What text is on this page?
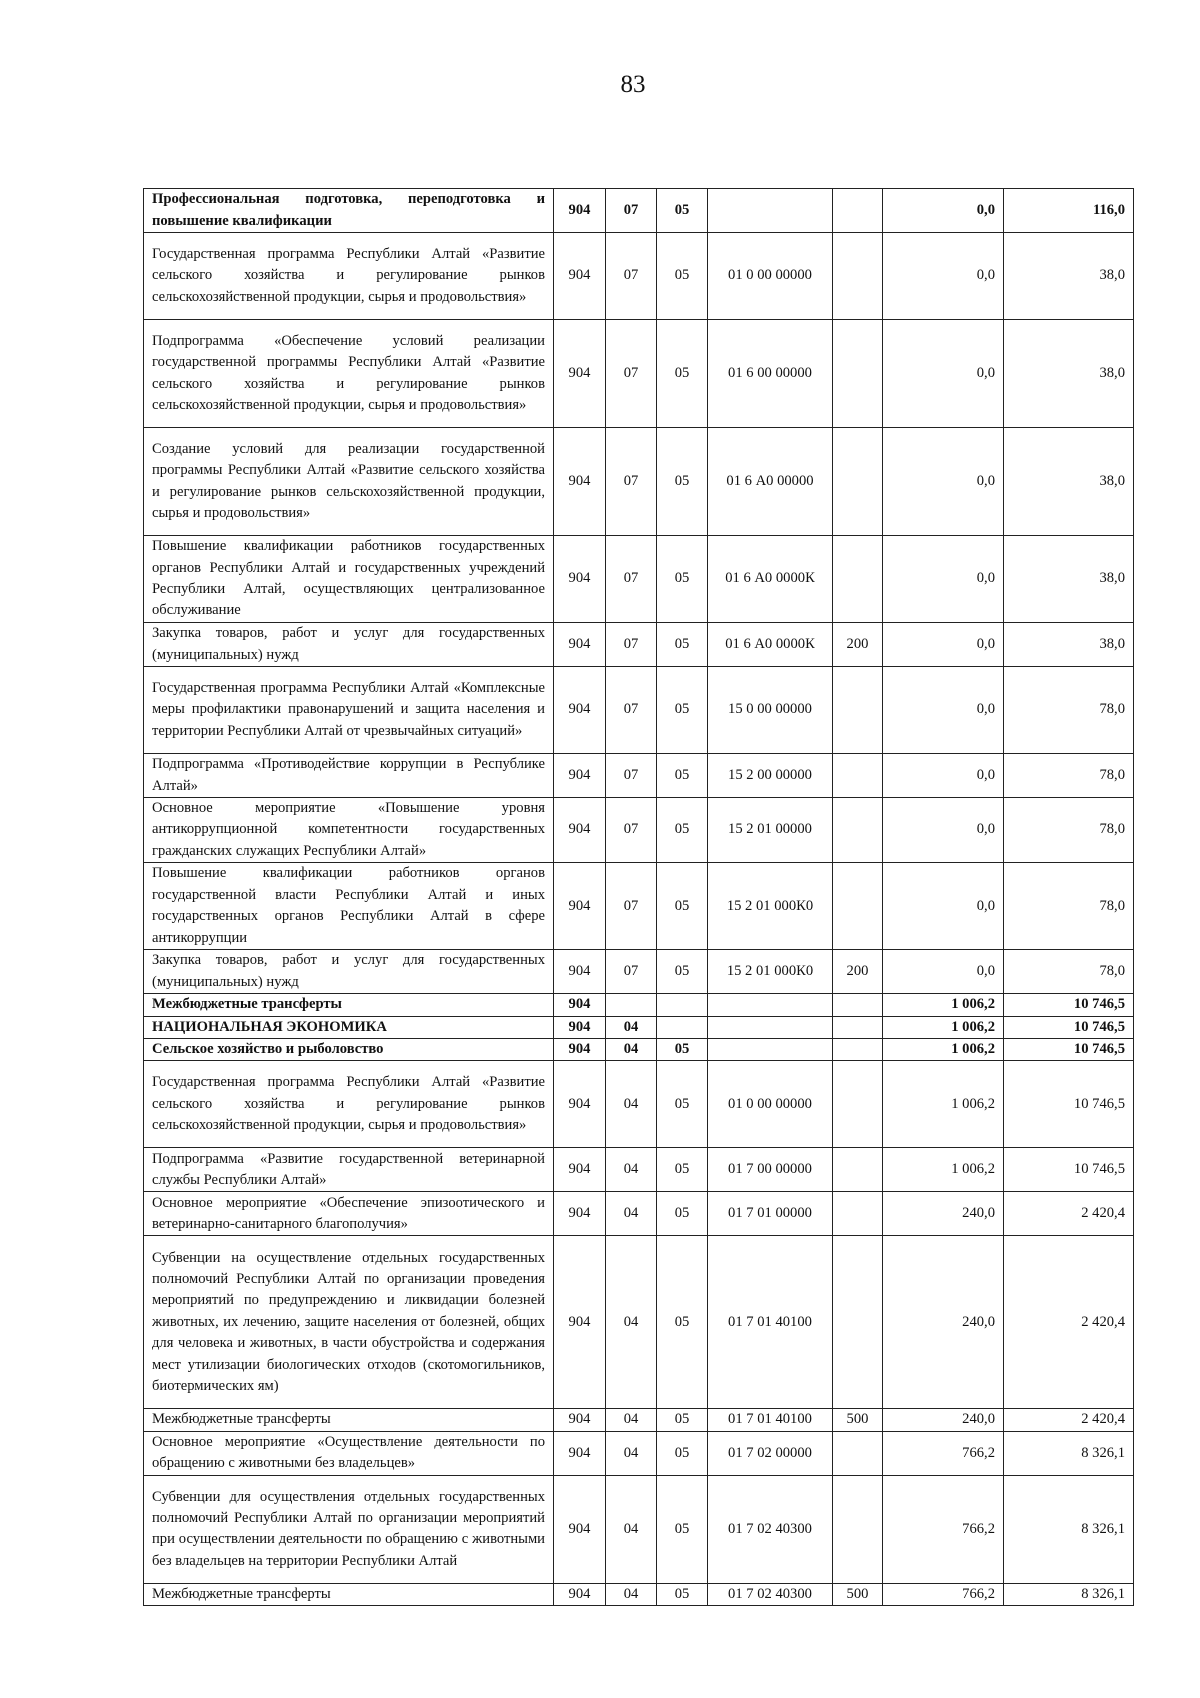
83
Профессиональная подготовка, переподготовка и повышение квалификации	904	07	05			0,0	116,0
Государственная программа Республики Алтай «Развитие сельского хозяйства и регулирование рынков сельскохозяйственной продукции, сырья и продовольствия»	904	07	05	01 0 00 00000		0,0	38,0
Подпрограмма «Обеспечение условий реализации государственной программы Республики Алтай «Развитие сельского хозяйства и регулирование рынков сельскохозяйственной продукции, сырья и продовольствия»	904	07	05	01 6 00 00000		0,0	38,0
Создание условий для реализации государственной программы Республики Алтай «Развитие сельского хозяйства и регулирование рынков сельскохозяйственной продукции, сырья и продовольствия»	904	07	05	01 6 А0 00000		0,0	38,0
Повышение квалификации работников государственных органов Республики Алтай и государственных учреждений Республики Алтай, осуществляющих централизованное обслуживание	904	07	05	01 6 А0 0000К		0,0	38,0
Закупка товаров, работ и услуг для государственных (муниципальных) нужд	904	07	05	01 6 А0 0000К	200	0,0	38,0
Государственная программа Республики Алтай «Комплексные меры профилактики правонарушений и защита населения и территории Республики Алтай от чрезвычайных ситуаций»	904	07	05	15 0 00 00000		0,0	78,0
Подпрограмма «Противодействие коррупции в Республике Алтай»	904	07	05	15 2 00 00000		0,0	78,0
Основное мероприятие «Повышение уровня антикоррупционной компетентности государственных гражданских служащих Республики Алтай»	904	07	05	15 2 01 00000		0,0	78,0
Повышение квалификации работников органов государственной власти Республики Алтай и иных государственных органов Республики Алтай в сфере антикоррупции	904	07	05	15 2 01 000К0		0,0	78,0
Закупка товаров, работ и услуг для государственных (муниципальных) нужд	904	07	05	15 2 01 000К0	200	0,0	78,0
Межбюджетные трансферты	904					1 006,2	10 746,5
НАЦИОНАЛЬНАЯ ЭКОНОМИКА	904	04				1 006,2	10 746,5
Сельское хозяйство и рыболовство	904	04	05			1 006,2	10 746,5
Государственная программа Республики Алтай «Развитие сельского хозяйства и регулирование рынков сельскохозяйственной продукции, сырья и продовольствия»	904	04	05	01 0 00 00000		1 006,2	10 746,5
Подпрограмма «Развитие государственной ветеринарной службы Республики Алтай»	904	04	05	01 7 00 00000		1 006,2	10 746,5
Основное мероприятие «Обеспечение эпизоотического и ветеринарно-санитарного благополучия»	904	04	05	01 7 01 00000		240,0	2 420,4
Субвенции на осуществление отдельных государственных полномочий Республики Алтай по организации проведения мероприятий по предупреждению и ликвидации болезней животных, их лечению, защите населения от болезней, общих для человека и животных, в части обустройства и содержания мест утилизации биологических отходов (скотомогильников, биотермических ям)	904	04	05	01 7 01 40100		240,0	2 420,4
Межбюджетные трансферты	904	04	05	01 7 01 40100	500	240,0	2 420,4
Основное мероприятие «Осуществление деятельности по обращению с животными без владельцев»	904	04	05	01 7 02 00000		766,2	8 326,1
Субвенции для осуществления отдельных государственных полномочий Республики Алтай по организации мероприятий при осуществлении деятельности по обращению с животными без владельцев на территории Республики Алтай	904	04	05	01 7 02 40300		766,2	8 326,1
Межбюджетные трансферты	904	04	05	01 7 02 40300	500	766,2	8 326,1
